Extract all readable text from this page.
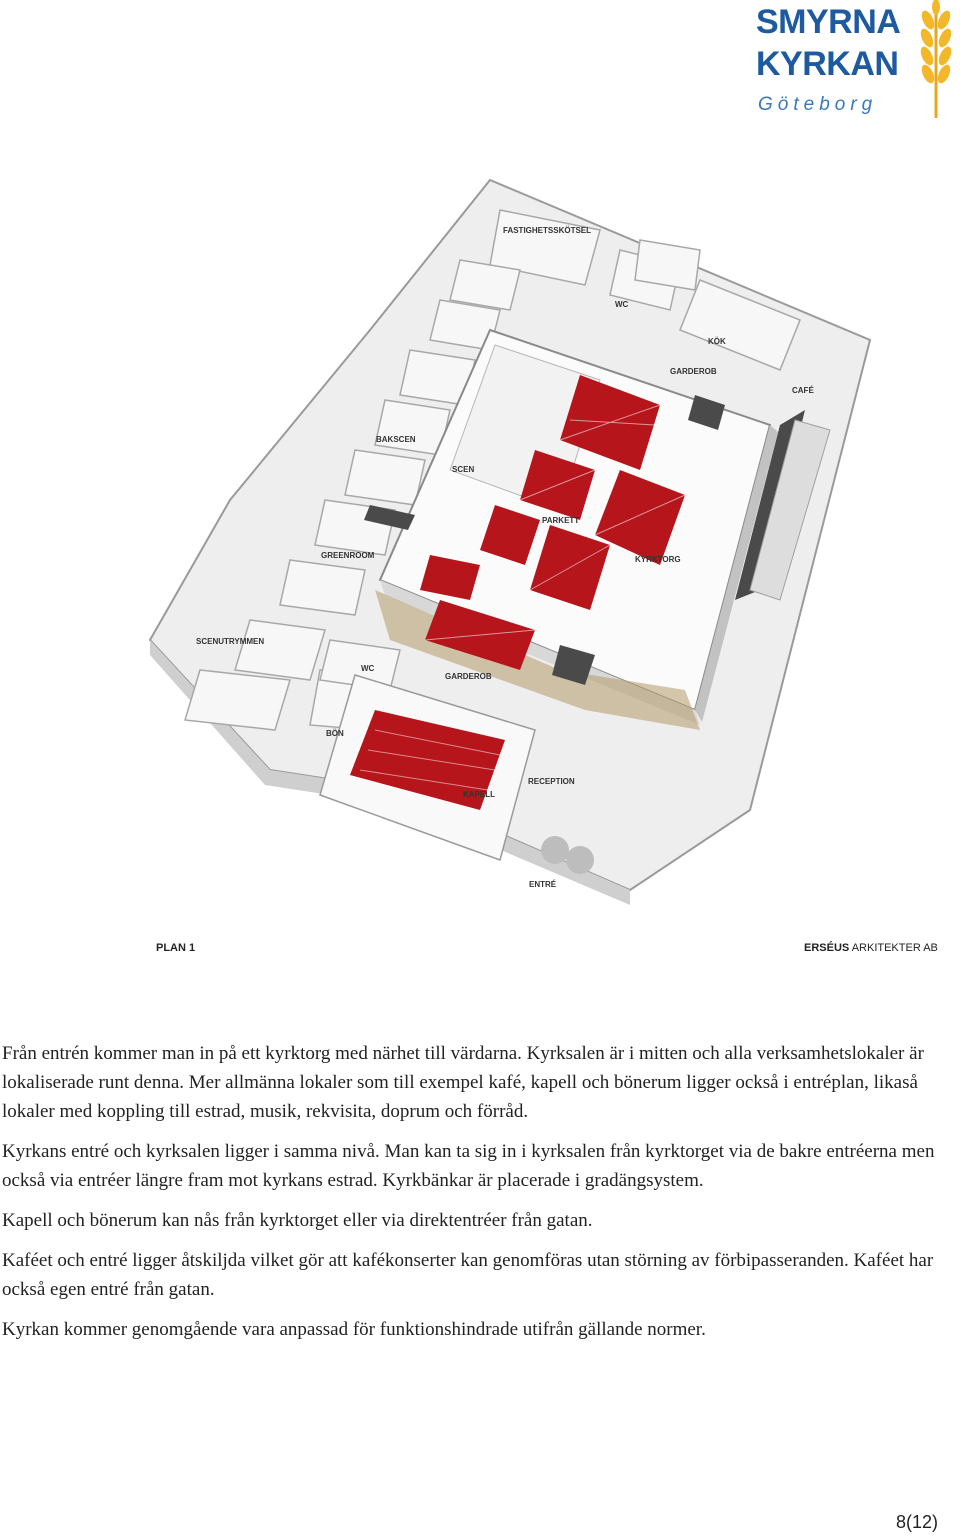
SMYRNA
KYRKAN
Göteborg
FASTIGHETSSKÖTSEL
WC
KÖK
GARDEROB
CAFÉ
BAKSCEN
SCEN
PARKETT
KYRKTORG
GREENROOM
SCENUTRYMMEN
WC
GARDEROB
BÖN
RECEPTION
KAPELL
ENTRÉ
PLAN 1	ERSÉUS ARKITEKTER AB

Från entrén kommer man in på ett kyrktorg med närhet till värdarna. Kyrksalen är i mitten och alla verksamhetslokaler är lokaliserade runt denna. Mer allmänna lokaler som till exempel kafé, kapell och bönerum ligger också i entréplan, likaså lokaler med koppling till estrad, musik, rekvisita, doprum och förråd.

Kyrkans entré och kyrksalen ligger i samma nivå. Man kan ta sig in i kyrksalen från kyrktorget via de bakre entréerna men också via entréer längre fram mot kyrkans estrad. Kyrkbänkar är placerade i gradängsystem.

Kapell och bönerum kan nås från kyrktorget eller via direktentréer från gatan.

Kaféet och entré ligger åtskiljda vilket gör att kafékonserter kan genomföras utan störning av förbipasseranden. Kaféet har också egen entré från gatan.

Kyrkan kommer genomgående vara anpassad för funktionshindrade utifrån gällande normer.

8(12)
